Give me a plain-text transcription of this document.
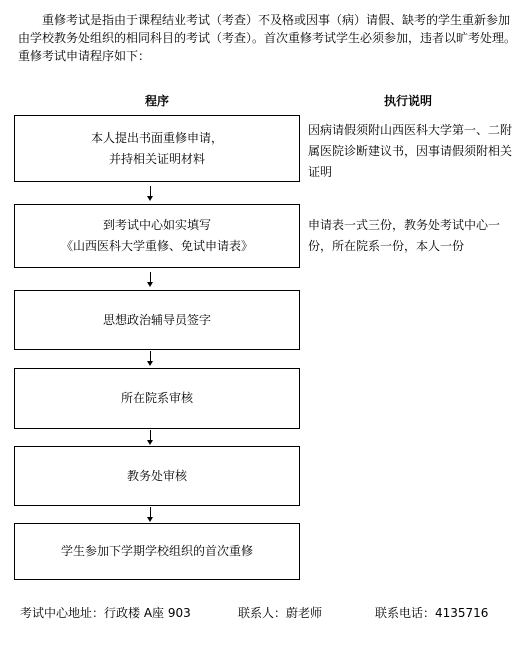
　　重修考试是指由于课程结业考试（考查）不及格或因事（病）请假、缺考的学生重新参加由学校教务处组织的相同科目的考试（考查）。首次重修考试学生必须参加，违者以旷考处理。重修考试申请程序如下：

程序	执行说明
本人提出书面重修申请，
并持相关证明材料
到考试中心如实填写
《山西医科大学重修、免试申请表》
思想政治辅导员签字
所在院系审核
教务处审核
学生参加下学期学校组织的首次重修

因病请假须附山西医科大学第一、二附属医院诊断建议书，因事请假须附相关证明

申请表一式三份，教务处考试中心一份，所在院系一份，本人一份

考试中心地址：行政楼 A座 903	联系人：蔚老师	联系电话：4135716
